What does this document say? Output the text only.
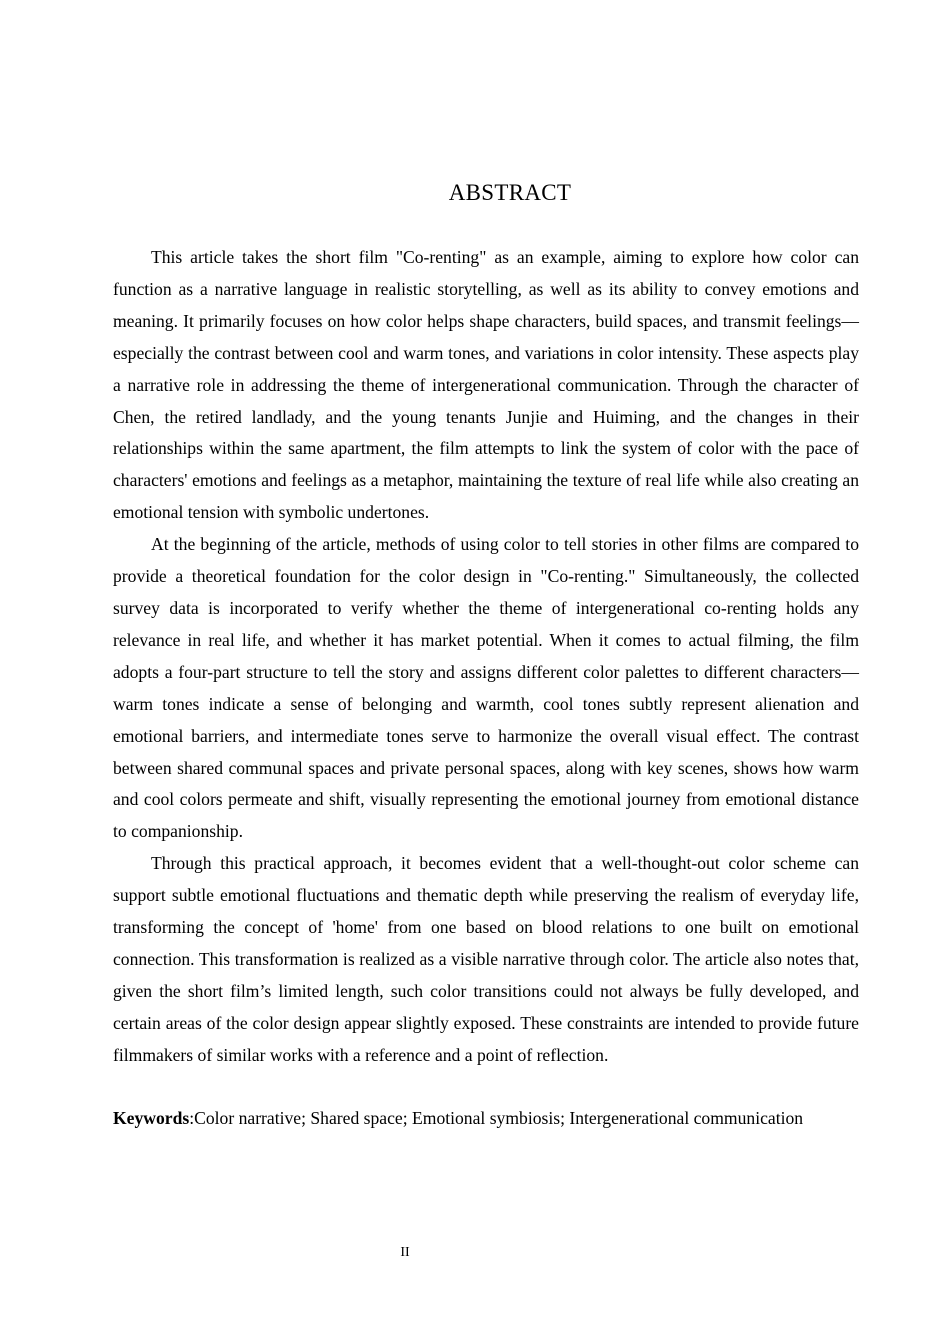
ABSTRACT

This article takes the short film "Co-renting" as an example, aiming to explore how color can function as a narrative language in realistic storytelling, as well as its ability to convey emotions and meaning. It primarily focuses on how color helps shape characters, build spaces, and transmit feelings—especially the contrast between cool and warm tones, and variations in color intensity. These aspects play a narrative role in addressing the theme of intergenerational communication. Through the character of Chen, the retired landlady, and the young tenants Junjie and Huiming, and the changes in their relationships within the same apartment, the film attempts to link the system of color with the pace of characters' emotions and feelings as a metaphor, maintaining the texture of real life while also creating an emotional tension with symbolic undertones.

At the beginning of the article, methods of using color to tell stories in other films are compared to provide a theoretical foundation for the color design in "Co-renting." Simultaneously, the collected survey data is incorporated to verify whether the theme of intergenerational co-renting holds any relevance in real life, and whether it has market potential. When it comes to actual filming, the film adopts a four-part structure to tell the story and assigns different color palettes to different characters—warm tones indicate a sense of belonging and warmth, cool tones subtly represent alienation and emotional barriers, and intermediate tones serve to harmonize the overall visual effect. The contrast between shared communal spaces and private personal spaces, along with key scenes, shows how warm and cool colors permeate and shift, visually representing the emotional journey from emotional distance to companionship.

Through this practical approach, it becomes evident that a well-thought-out color scheme can support subtle emotional fluctuations and thematic depth while preserving the realism of everyday life, transforming the concept of 'home' from one based on blood relations to one built on emotional connection. This transformation is realized as a visible narrative through color. The article also notes that, given the short film’s limited length, such color transitions could not always be fully developed, and certain areas of the color design appear slightly exposed. These constraints are intended to provide future filmmakers of similar works with a reference and a point of reflection.

Keywords:Color narrative; Shared space; Emotional symbiosis; Intergenerational communication
II
